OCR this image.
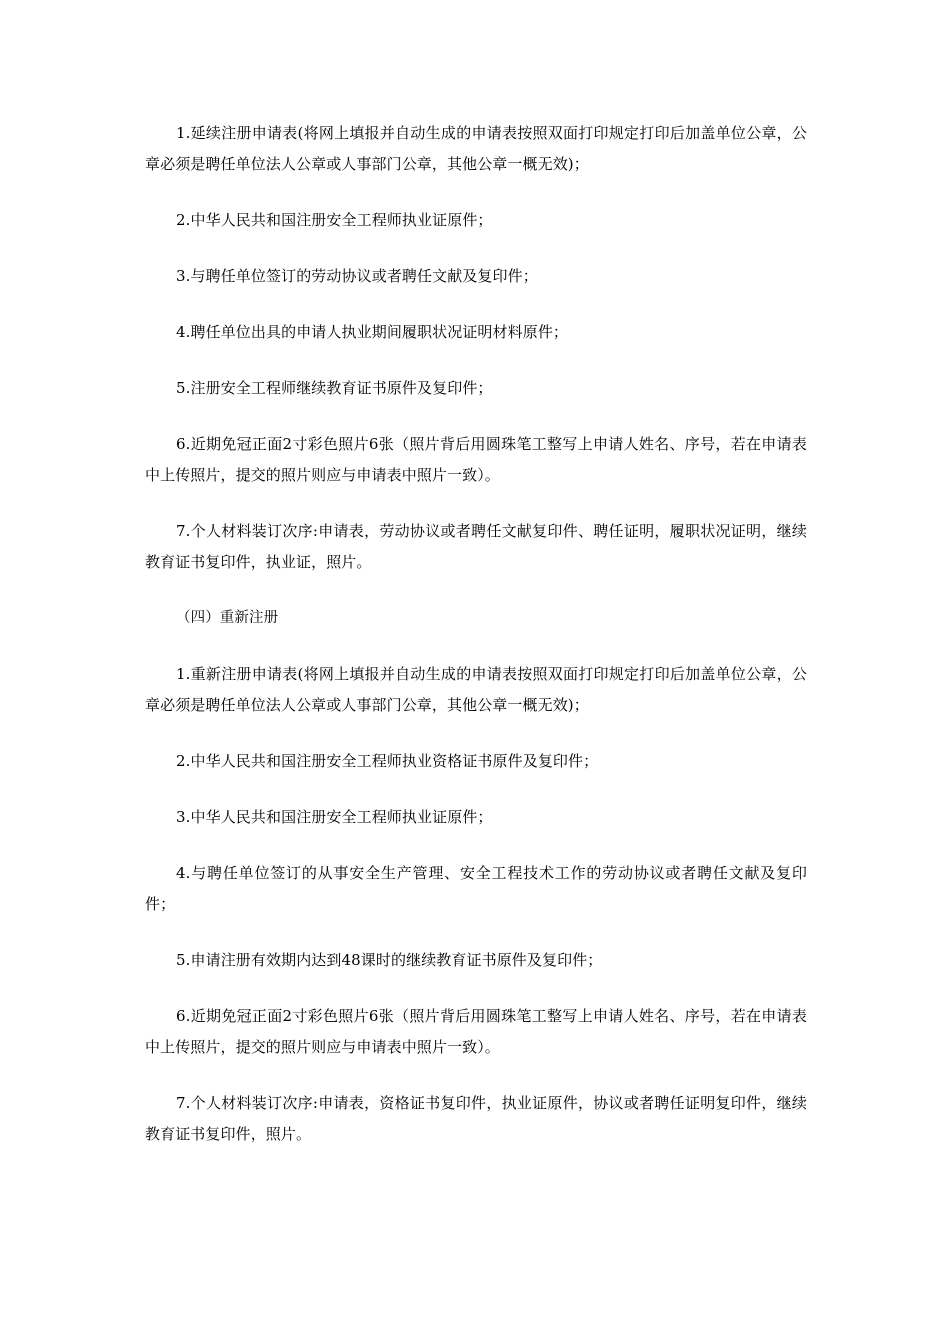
1.延续注册申请表(将网上填报并自动生成的申请表按照双面打印规定打印后加盖单位公章，公章必须是聘任单位法人公章或人事部门公章，其他公章一概无效)；

2.中华人民共和国注册安全工程师执业证原件；

3.与聘任单位签订的劳动协议或者聘任文献及复印件；

4.聘任单位出具的申请人执业期间履职状况证明材料原件；

5.注册安全工程师继续教育证书原件及复印件；

6.近期免冠正面2寸彩色照片6张（照片背后用圆珠笔工整写上申请人姓名、序号，若在申请表中上传照片，提交的照片则应与申请表中照片一致）。

7.个人材料装订次序:申请表，劳动协议或者聘任文献复印件、聘任证明，履职状况证明，继续教育证书复印件，执业证，照片。

（四）重新注册

1.重新注册申请表(将网上填报并自动生成的申请表按照双面打印规定打印后加盖单位公章，公章必须是聘任单位法人公章或人事部门公章，其他公章一概无效)；

2.中华人民共和国注册安全工程师执业资格证书原件及复印件；

3.中华人民共和国注册安全工程师执业证原件；

4.与聘任单位签订的从事安全生产管理、安全工程技术工作的劳动协议或者聘任文献及复印件；

5.申请注册有效期内达到48课时的继续教育证书原件及复印件；

6.近期免冠正面2寸彩色照片6张（照片背后用圆珠笔工整写上申请人姓名、序号，若在申请表中上传照片，提交的照片则应与申请表中照片一致）。

7.个人材料装订次序:申请表，资格证书复印件，执业证原件，协议或者聘任证明复印件，继续教育证书复印件，照片。
